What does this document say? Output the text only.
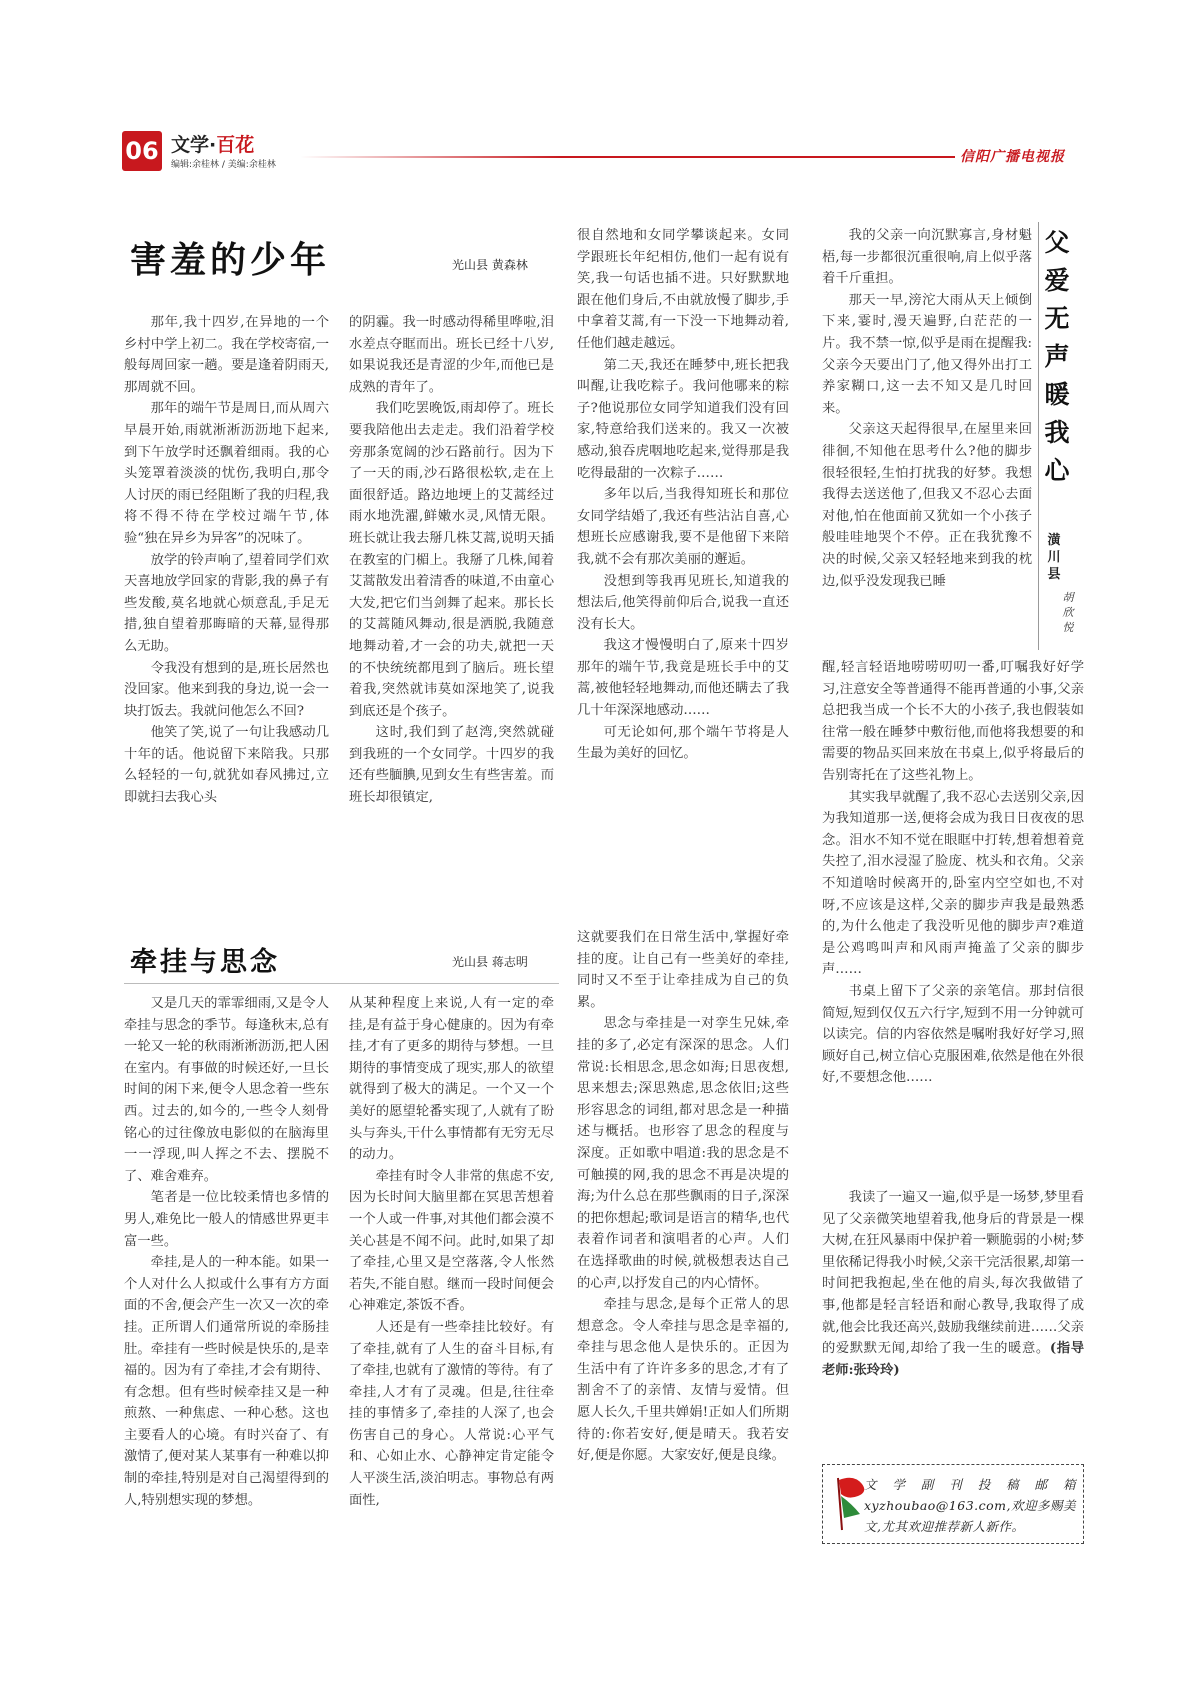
06 文学·百花
编辑:余桂林 / 美编:余桂林	信阳广播电视报
害羞的少年	光山县 黄森林

那年,我十四岁,在异地的一个乡村中学上初二。我在学校寄宿,一般每周回家一趟。要是逢着阴雨天,那周就不回。

那年的端午节是周日,而从周六早晨开始,雨就淅淅沥沥地下起来,到下午放学时还飘着细雨。我的心头笼罩着淡淡的忧伤,我明白,那令人讨厌的雨已经阻断了我的归程,我将不得不待在学校过端午节,体验“独在异乡为异客”的况味了。

放学的铃声响了,望着同学们欢天喜地放学回家的背影,我的鼻子有些发酸,莫名地就心烦意乱,手足无措,独自望着那晦暗的天幕,显得那么无助。

令我没有想到的是,班长居然也没回家。他来到我的身边,说一会一块打饭去。我就问他怎么不回?

他笑了笑,说了一句让我感动几十年的话。他说留下来陪我。只那么轻轻的一句,就犹如春风拂过,立即就扫去我心头

的阴霾。我一时感动得稀里哗啦,泪水差点夺眶而出。班长已经十八岁,如果说我还是青涩的少年,而他已是成熟的青年了。

我们吃罢晚饭,雨却停了。班长要我陪他出去走走。我们沿着学校旁那条宽阔的沙石路前行。因为下了一天的雨,沙石路很松软,走在上面很舒适。路边地埂上的艾蒿经过雨水地洗濯,鲜嫩水灵,风情无限。班长就让我去掰几株艾蒿,说明天插在教室的门楣上。我掰了几株,闻着艾蒿散发出着清香的味道,不由童心大发,把它们当剑舞了起来。那长长的艾蒿随风舞动,很是洒脱,我随意地舞动着,才一会的功夫,就把一天的不快统统都甩到了脑后。班长望着我,突然就讳莫如深地笑了,说我到底还是个孩子。

这时,我们到了赵湾,突然就碰到我班的一个女同学。十四岁的我还有些腼腆,见到女生有些害羞。而班长却很镇定,

很自然地和女同学攀谈起来。女同学跟班长年纪相仿,他们一起有说有笑,我一句话也插不进。只好默默地跟在他们身后,不由就放慢了脚步,手中拿着艾蒿,有一下没一下地舞动着,任他们越走越远。

第二天,我还在睡梦中,班长把我叫醒,让我吃粽子。我问他哪来的粽子?他说那位女同学知道我们没有回家,特意给我们送来的。我又一次被感动,狼吞虎咽地吃起来,觉得那是我吃得最甜的一次粽子……

多年以后,当我得知班长和那位女同学结婚了,我还有些沾沾自喜,心想班长应感谢我,要不是他留下来陪我,就不会有那次美丽的邂逅。

没想到等我再见班长,知道我的想法后,他笑得前仰后合,说我一直还没有长大。

我这才慢慢明白了,原来十四岁那年的端午节,我竟是班长手中的艾蒿,被他轻轻地舞动,而他还瞒去了我几十年深深地感动……

可无论如何,那个端午节将是人生最为美好的回忆。

牵挂与思念	光山县 蒋志明

又是几天的霏霏细雨,又是令人牵挂与思念的季节。每逢秋末,总有一轮又一轮的秋雨淅淅沥沥,把人困在室内。有事做的时候还好,一旦长时间的闲下来,便令人思念着一些东西。过去的,如今的,一些令人刻骨铭心的过往像放电影似的在脑海里一一浮现,叫人挥之不去、摆脱不了、难舍难弃。

笔者是一位比较柔情也多情的男人,难免比一般人的情感世界更丰富一些。

牵挂,是人的一种本能。如果一个人对什么人拟或什么事有方方面面的不舍,便会产生一次又一次的牵挂。正所谓人们通常所说的牵肠挂肚。牵挂有一些时候是快乐的,是幸福的。因为有了牵挂,才会有期待、有念想。但有些时候牵挂又是一种煎熬、一种焦虑、一种心愁。这也主要看人的心境。有时兴奋了、有激情了,便对某人某事有一种难以抑制的牵挂,特别是对自己渴望得到的人,特别想实现的梦想。

从某种程度上来说,人有一定的牵挂,是有益于身心健康的。因为有牵挂,才有了更多的期待与梦想。一旦期待的事情变成了现实,那人的欲望就得到了极大的满足。一个又一个美好的愿望轮番实现了,人就有了盼头与奔头,干什么事情都有无穷无尽的动力。

牵挂有时令人非常的焦虑不安,因为长时间大脑里都在冥思苦想着一个人或一件事,对其他们都会漠不关心甚是不闻不问。此时,如果了却了牵挂,心里又是空落落,令人怅然若失,不能自慰。继而一段时间便会心神难定,茶饭不香。

人还是有一些牵挂比较好。有了牵挂,就有了人生的奋斗目标,有了牵挂,也就有了激情的等待。有了牵挂,人才有了灵魂。但是,往往牵挂的事情多了,牵挂的人深了,也会伤害自己的身心。人常说:心平气和、心如止水、心静神定肯定能令人平淡生活,淡泊明志。事物总有两面性,

这就要我们在日常生活中,掌握好牵挂的度。让自己有一些美好的牵挂,同时又不至于让牵挂成为自己的负累。

思念与牵挂是一对孪生兄妹,牵挂的多了,必定有深深的思念。人们常说:长相思念,思念如海;日思夜想,思来想去;深思熟虑,思念依旧;这些形容思念的词组,都对思念是一种描述与概括。也形容了思念的程度与深度。正如歌中唱道:我的思念是不可触摸的网,我的思念不再是决堤的海;为什么总在那些飘雨的日子,深深的把你想起;歌词是语言的精华,也代表着作词者和演唱者的心声。人们在选择歌曲的时候,就极想表达自己的心声,以抒发自己的内心情怀。

牵挂与思念,是每个正常人的思想意念。令人牵挂与思念是幸福的,牵挂与思念他人是快乐的。正因为生活中有了许许多多的思念,才有了割舍不了的亲情、友情与爱情。但愿人长久,千里共婵娟!正如人们所期待的:你若安好,便是晴天。我若安好,便是你愿。大家安好,便是良缘。

父爱无声暖我心
潢川县
胡欣悦

我的父亲一向沉默寡言,身材魁梧,每一步都很沉重很响,肩上似乎落着千斤重担。

那天一早,滂沱大雨从天上倾倒下来,霎时,漫天遍野,白茫茫的一片。我不禁一惊,似乎是雨在提醒我:父亲今天要出门了,他又得外出打工养家糊口,这一去不知又是几时回来。

父亲这天起得很早,在屋里来回徘徊,不知他在思考什么?他的脚步很轻很轻,生怕打扰我的好梦。我想我得去送送他了,但我又不忍心去面对他,怕在他面前又犹如一个小孩子般哇哇地哭个不停。正在我犹豫不决的时候,父亲又轻轻地来到我的枕边,似乎没发现我已睡

醒,轻言轻语地唠唠叨叨一番,叮嘱我好好学习,注意安全等普通得不能再普通的小事,父亲总把我当成一个长不大的小孩子,我也假装如往常一般在睡梦中敷衍他,而他将我想要的和需要的物品买回来放在书桌上,似乎将最后的告别寄托在了这些礼物上。

其实我早就醒了,我不忍心去送别父亲,因为我知道那一送,便将会成为我日日夜夜的思念。泪水不知不觉在眼眶中打转,想着想着竟失控了,泪水浸湿了脸庞、枕头和衣角。父亲不知道啥时候离开的,卧室内空空如也,不对呀,不应该是这样,父亲的脚步声我是最熟悉的,为什么他走了我没听见他的脚步声?难道是公鸡鸣叫声和风雨声掩盖了父亲的脚步声……

书桌上留下了父亲的亲笔信。那封信很简短,短到仅仅五六行字,短到不用一分钟就可以读完。信的内容依然是嘱咐我好好学习,照顾好自己,树立信心克服困难,依然是他在外很好,不要想念他……

我读了一遍又一遍,似乎是一场梦,梦里看见了父亲微笑地望着我,他身后的背景是一棵大树,在狂风暴雨中保护着一颗脆弱的小树;梦里依稀记得我小时候,父亲干完活很累,却第一时间把我抱起,坐在他的肩头,每次我做错了事,他都是轻言轻语和耐心教导,我取得了成就,他会比我还高兴,鼓励我继续前进……父亲的爱默默无闻,却给了我一生的暖意。(指导老师:张玲玲)

文学副刊投稿邮箱xyzhoubao@163.com,欢迎多赐美文,尤其欢迎推荐新人新作。
